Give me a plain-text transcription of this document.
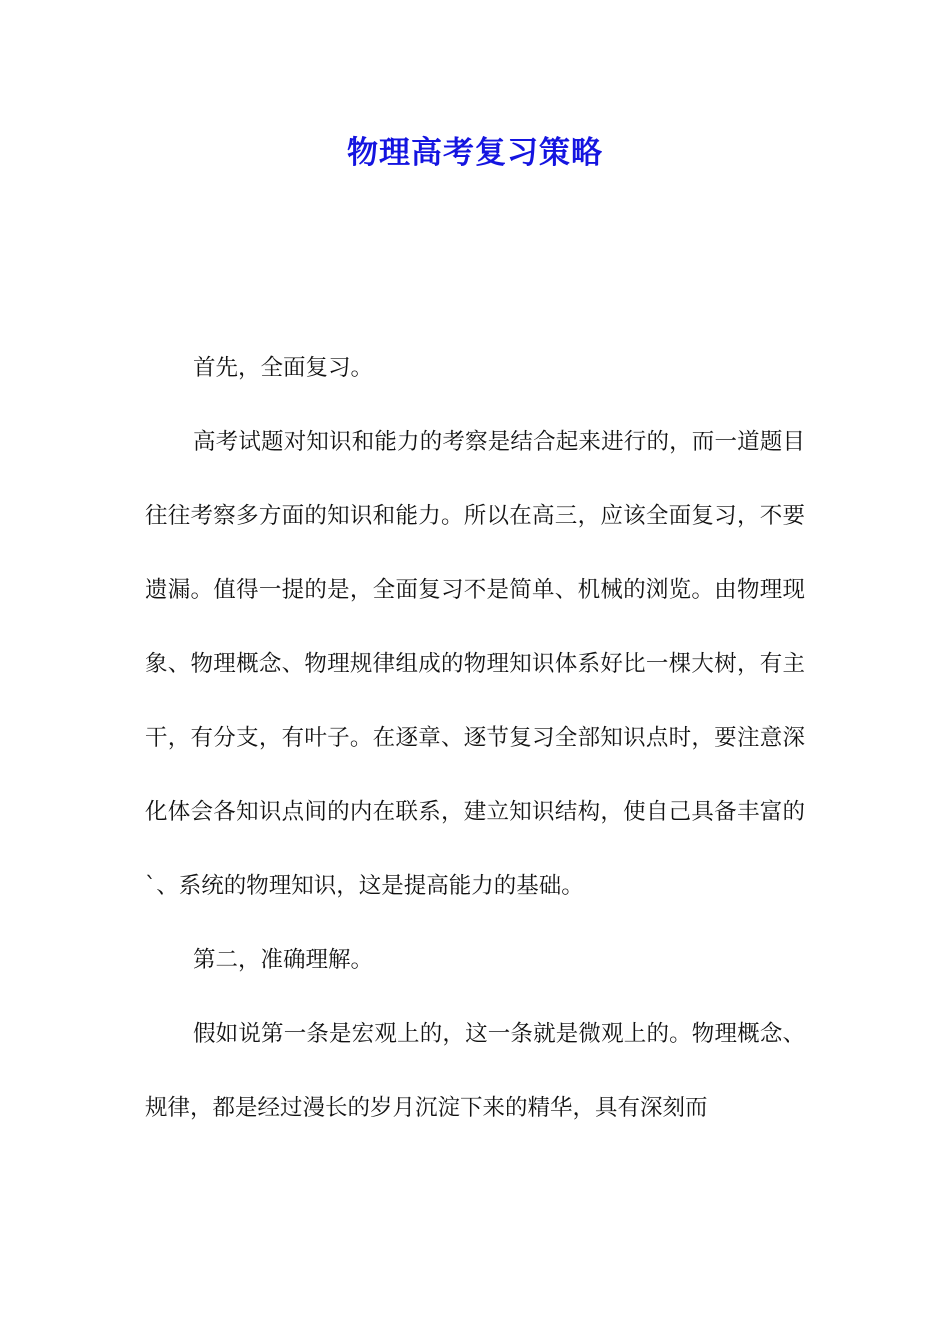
物理高考复习策略

首先，全面复习。

高考试题对知识和能力的考察是结合起来进行的，而一道题目往往考察多方面的知识和能力。所以在高三，应该全面复习，不要遗漏。值得一提的是，全面复习不是简单、机械的浏览。由物理现象、物理概念、物理规律组成的物理知识体系好比一棵大树，有主干，有分支，有叶子。在逐章、逐节复习全部知识点时，要注意深化体会各知识点间的内在联系，建立知识结构，使自己具备丰富的`、系统的物理知识，这是提高能力的基础。

第二，准确理解。

假如说第一条是宏观上的，这一条就是微观上的。物理概念、规律，都是经过漫长的岁月沉淀下来的精华，具有深刻而
